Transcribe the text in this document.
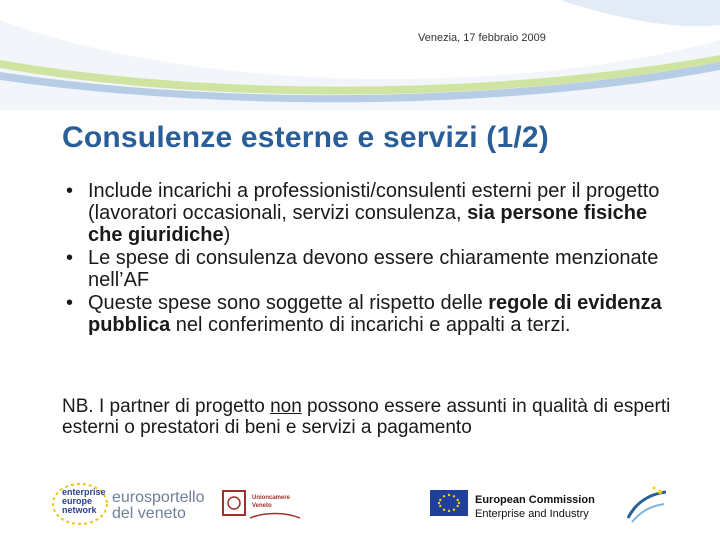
Venezia, 17 febbraio 2009
Consulenze esterne e servizi (1/2)
• Include incarichi a professionisti/consulenti esterni per il progetto (lavoratori occasionali, servizi consulenza, sia persone fisiche che giuridiche)
• Le spese di consulenza devono essere chiaramente menzionate nell’AF
• Queste spese sono soggette al rispetto delle regole di evidenza pubblica nel conferimento di incarichi e appalti a terzi.
NB. I partner di progetto non possono essere assunti in qualità di esperti esterni o prestatori di beni e servizi a pagamento
enterprise
europe
network
eurosportello
del veneto
Unioncamere
Veneto	European Commission
Enterprise and Industry
